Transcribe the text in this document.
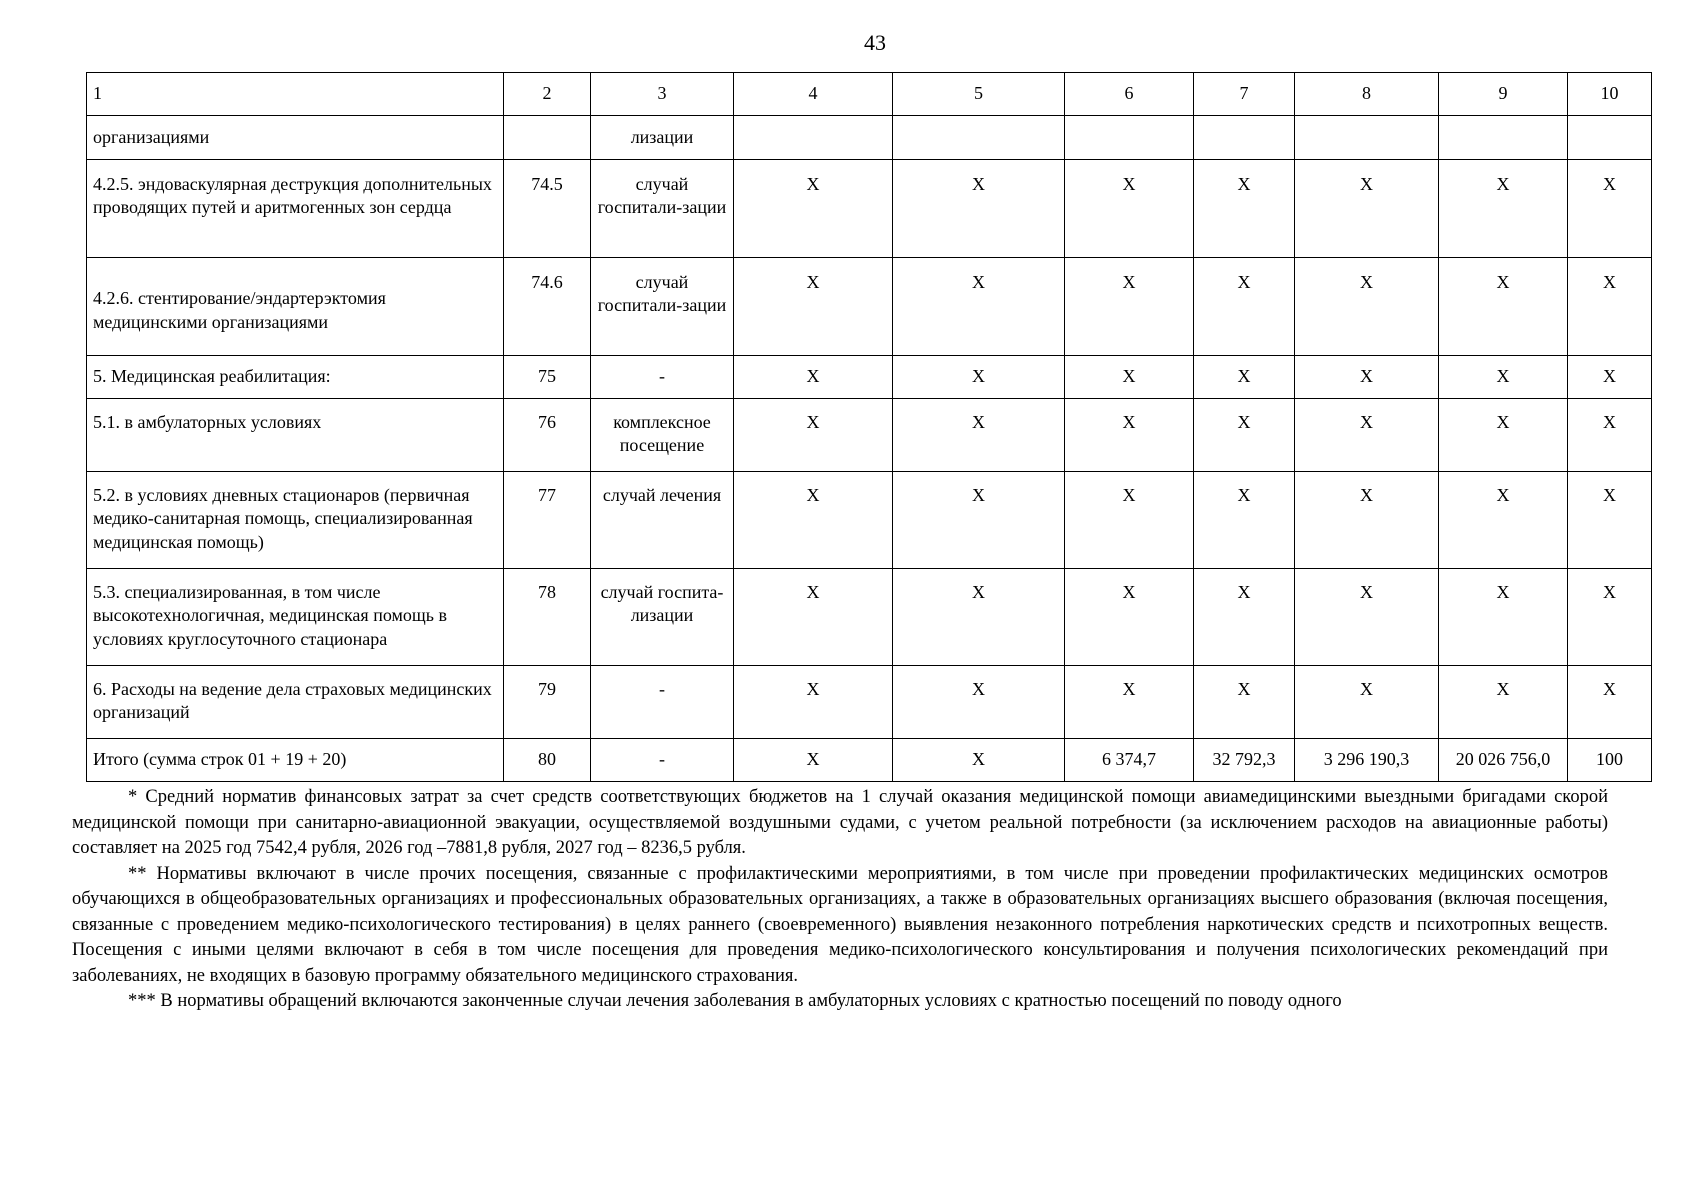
43
1	2	3	4	5	6	7	8	9	10
организациями		лизации							
4.2.5. эндоваскулярная деструкция дополнительных проводящих путей и аритмогенных зон сердца	74.5	случай госпитали-зации	X	X	X	X	X	X	X
4.2.6. стентирование/эндартерэктомия медицинскими организациями	74.6	случай госпитали-зации	X	X	X	X	X	X	X
5. Медицинская реабилитация:	75	-	X	X	X	X	X	X	X
5.1. в амбулаторных условиях	76	комплексное посещение	X	X	X	X	X	X	X
5.2. в условиях дневных стационаров (первичная медико-санитарная помощь, специализированная медицинская помощь)	77	случай лечения	X	X	X	X	X	X	X
5.3. специализированная, в том числе высокотехнологичная, медицинская помощь в условиях круглосуточного стационара	78	случай госпита-лизации	X	X	X	X	X	X	X
6. Расходы на ведение дела страховых медицинских организаций	79	-	X	X	X	X	X	X	X
Итого (сумма строк 01 + 19 + 20)	80	-	X	X	6 374,7	32 792,3	3 296 190,3	20 026 756,0	100

* Средний норматив финансовых затрат за счет средств соответствующих бюджетов на 1 случай оказания медицинской помощи авиамедицинскими выездными бригадами скорой медицинской помощи при санитарно-авиационной эвакуации, осуществляемой воздушными судами, с учетом реальной потребности (за исключением расходов на авиационные работы) составляет на 2025 год 7542,4 рубля, 2026 год –7881,8 рубля, 2027 год – 8236,5 рубля.

** Нормативы включают в числе прочих посещения, связанные с профилактическими мероприятиями, в том числе при проведении профилактических медицинских осмотров обучающихся в общеобразовательных организациях и профессиональных образовательных организациях, а также в образовательных организациях высшего образования (включая посещения, связанные с проведением медико-психологического тестирования) в целях раннего (своевременного) выявления незаконного потребления наркотических средств и психотропных веществ. Посещения с иными целями включают в себя в том числе посещения для проведения медико-психологического консультирования и получения психологических рекомендаций при заболеваниях, не входящих в базовую программу обязательного медицинского страхования.

*** В нормативы обращений включаются законченные случаи лечения заболевания в амбулаторных условиях с кратностью посещений по поводу одного
